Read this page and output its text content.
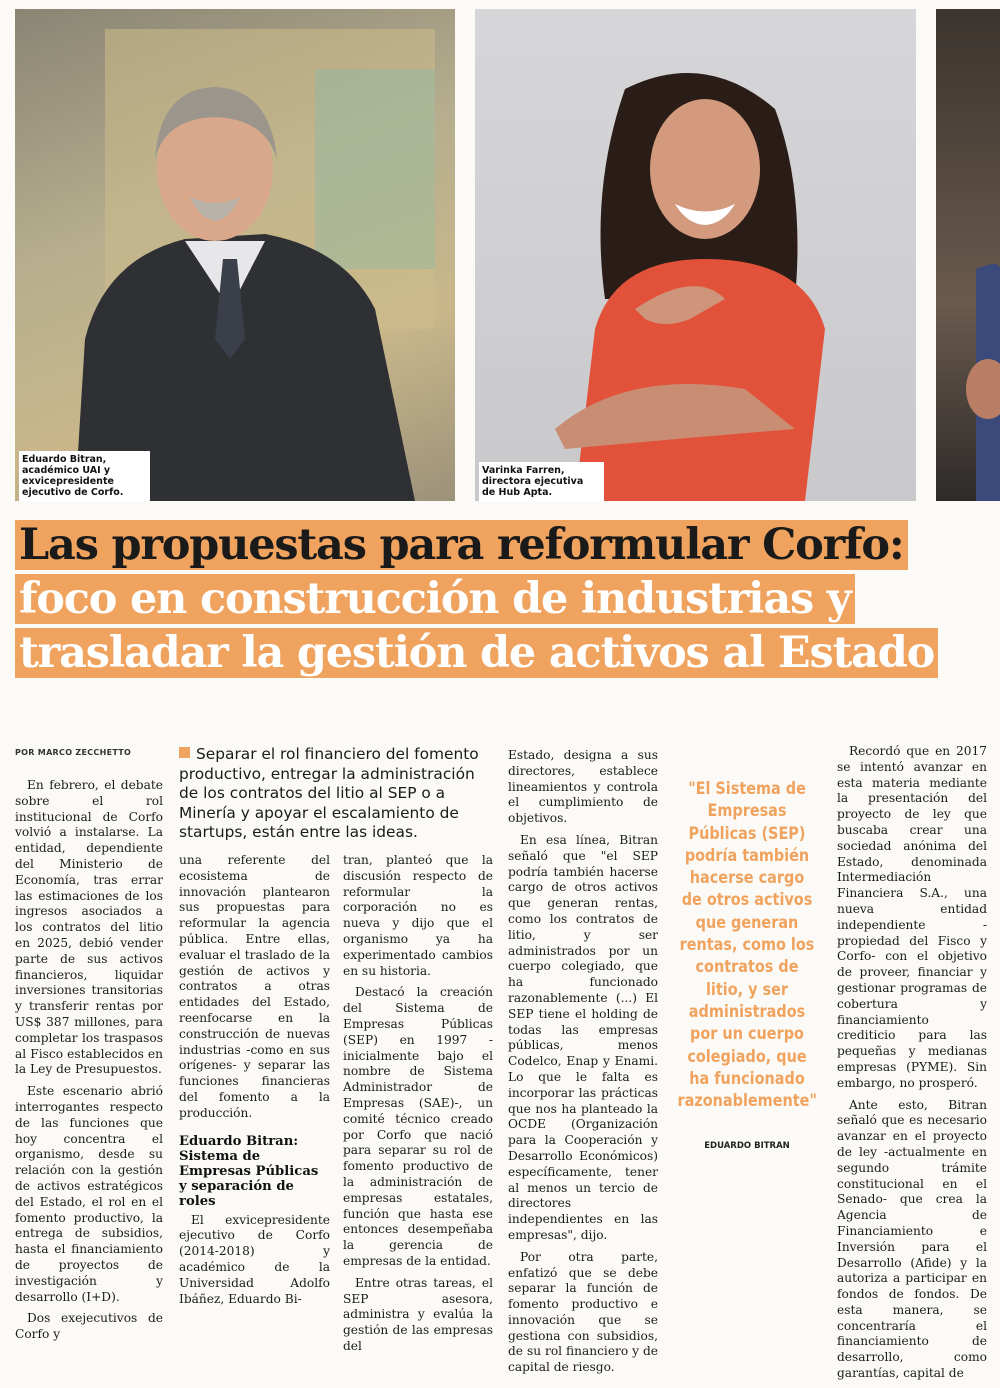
Eduardo Bitran, académico UAI y exvicepresidente ejecutivo de Corfo.
Varinka Farren, directora ejecutiva de Hub Apta.
Las propuestas para reformular Corfo:
foco en construcción de industrias y
trasladar la gestión de activos al Estado
POR MARCO ZECCHETTO	Separar el rol financiero del fomento productivo, entregar la administración de los contratos del litio al SEP o a Minería y apoyar el escalamiento de startups, están entre las ideas.

En febrero, el debate sobre el rol institucional de Corfo volvió a instalarse. La entidad, dependiente del Ministerio de Economía, tras errar las estimaciones de los ingresos asociados a los contratos del litio en 2025, debió vender parte de sus activos financieros, liquidar inversiones transitorias y transferir rentas por US$ 387 millones, para completar los traspasos al Fisco establecidos en la Ley de Presupuestos.

Este escenario abrió interrogantes respecto de las funciones que hoy concentra el organismo, desde su relación con la gestión de activos estratégicos del Estado, el rol en el fomento productivo, la entrega de subsidios, hasta el financiamiento de proyectos de investigación y desarrollo (I+D).

Dos exejecutivos de Corfo y

una referente del ecosistema de innovación plantearon sus propuestas para reformular la agencia pública. Entre ellas, evaluar el traslado de la gestión de activos y contratos a otras entidades del Estado, reenfocarse en la construcción de nuevas industrias -como en sus orígenes- y separar las funciones financieras del fomento a la producción.

Eduardo Bitran: Sistema de Empresas Públicas y separación de roles

El exvicepresidente ejecutivo de Corfo (2014-2018) y académico de la Universidad Adolfo Ibáñez, Eduardo Bi-

tran, planteó que la discusión respecto de reformular la corporación no es nueva y dijo que el organismo ya ha experimentado cambios en su historia.

Destacó la creación del Sistema de Empresas Públicas (SEP) en 1997 -inicialmente bajo el nombre de Sistema Administrador de Empresas (SAE)-, un comité técnico creado por Corfo que nació para separar su rol de fomento productivo de la administración de empresas estatales, función que hasta ese entonces desempeñaba la gerencia de empresas de la entidad.

Entre otras tareas, el SEP asesora, administra y evalúa la gestión de las empresas del

Estado, designa a sus directores, establece lineamientos y controla el cumplimiento de objetivos.

En esa línea, Bitran señaló que "el SEP podría también hacerse cargo de otros activos que generan rentas, como los contratos de litio, y ser administrados por un cuerpo colegiado, que ha funcionado razonablemente (...) El SEP tiene el holding de todas las empresas públicas, menos Codelco, Enap y Enami. Lo que le falta es incorporar las prácticas que nos ha planteado la OCDE (Organización para la Cooperación y Desarrollo Económicos) específicamente, tener al menos un tercio de directores independientes en las empresas", dijo.

Por otra parte, enfatizó que se debe separar la función de fomento productivo e innovación que se gestiona con subsidios, de su rol financiero y de capital de riesgo.

"El Sistema de Empresas Públicas (SEP) podría también hacerse cargo de otros activos que generan rentas, como los contratos de litio, y ser administrados por un cuerpo colegiado, que ha funcionado razonablemente"
EDUARDO BITRAN

Recordó que en 2017 se intentó avanzar en esta materia mediante la presentación del proyecto de ley que buscaba crear una sociedad anónima del Estado, denominada Intermediación Financiera S.A., una nueva entidad independiente -propiedad del Fisco y Corfo- con el objetivo de proveer, financiar y gestionar programas de cobertura y financiamiento crediticio para las pequeñas y medianas empresas (PYME). Sin embargo, no prosperó.

Ante esto, Bitran señaló que es necesario avanzar en el proyecto de ley -actualmente en segundo trámite constitucional en el Senado- que crea la Agencia de Financiamiento e Inversión para el Desarrollo (Afide) y la autoriza a participar en fondos de fondos. De esta manera, se concentraría el financiamiento de desarrollo, como garantías, capital de
